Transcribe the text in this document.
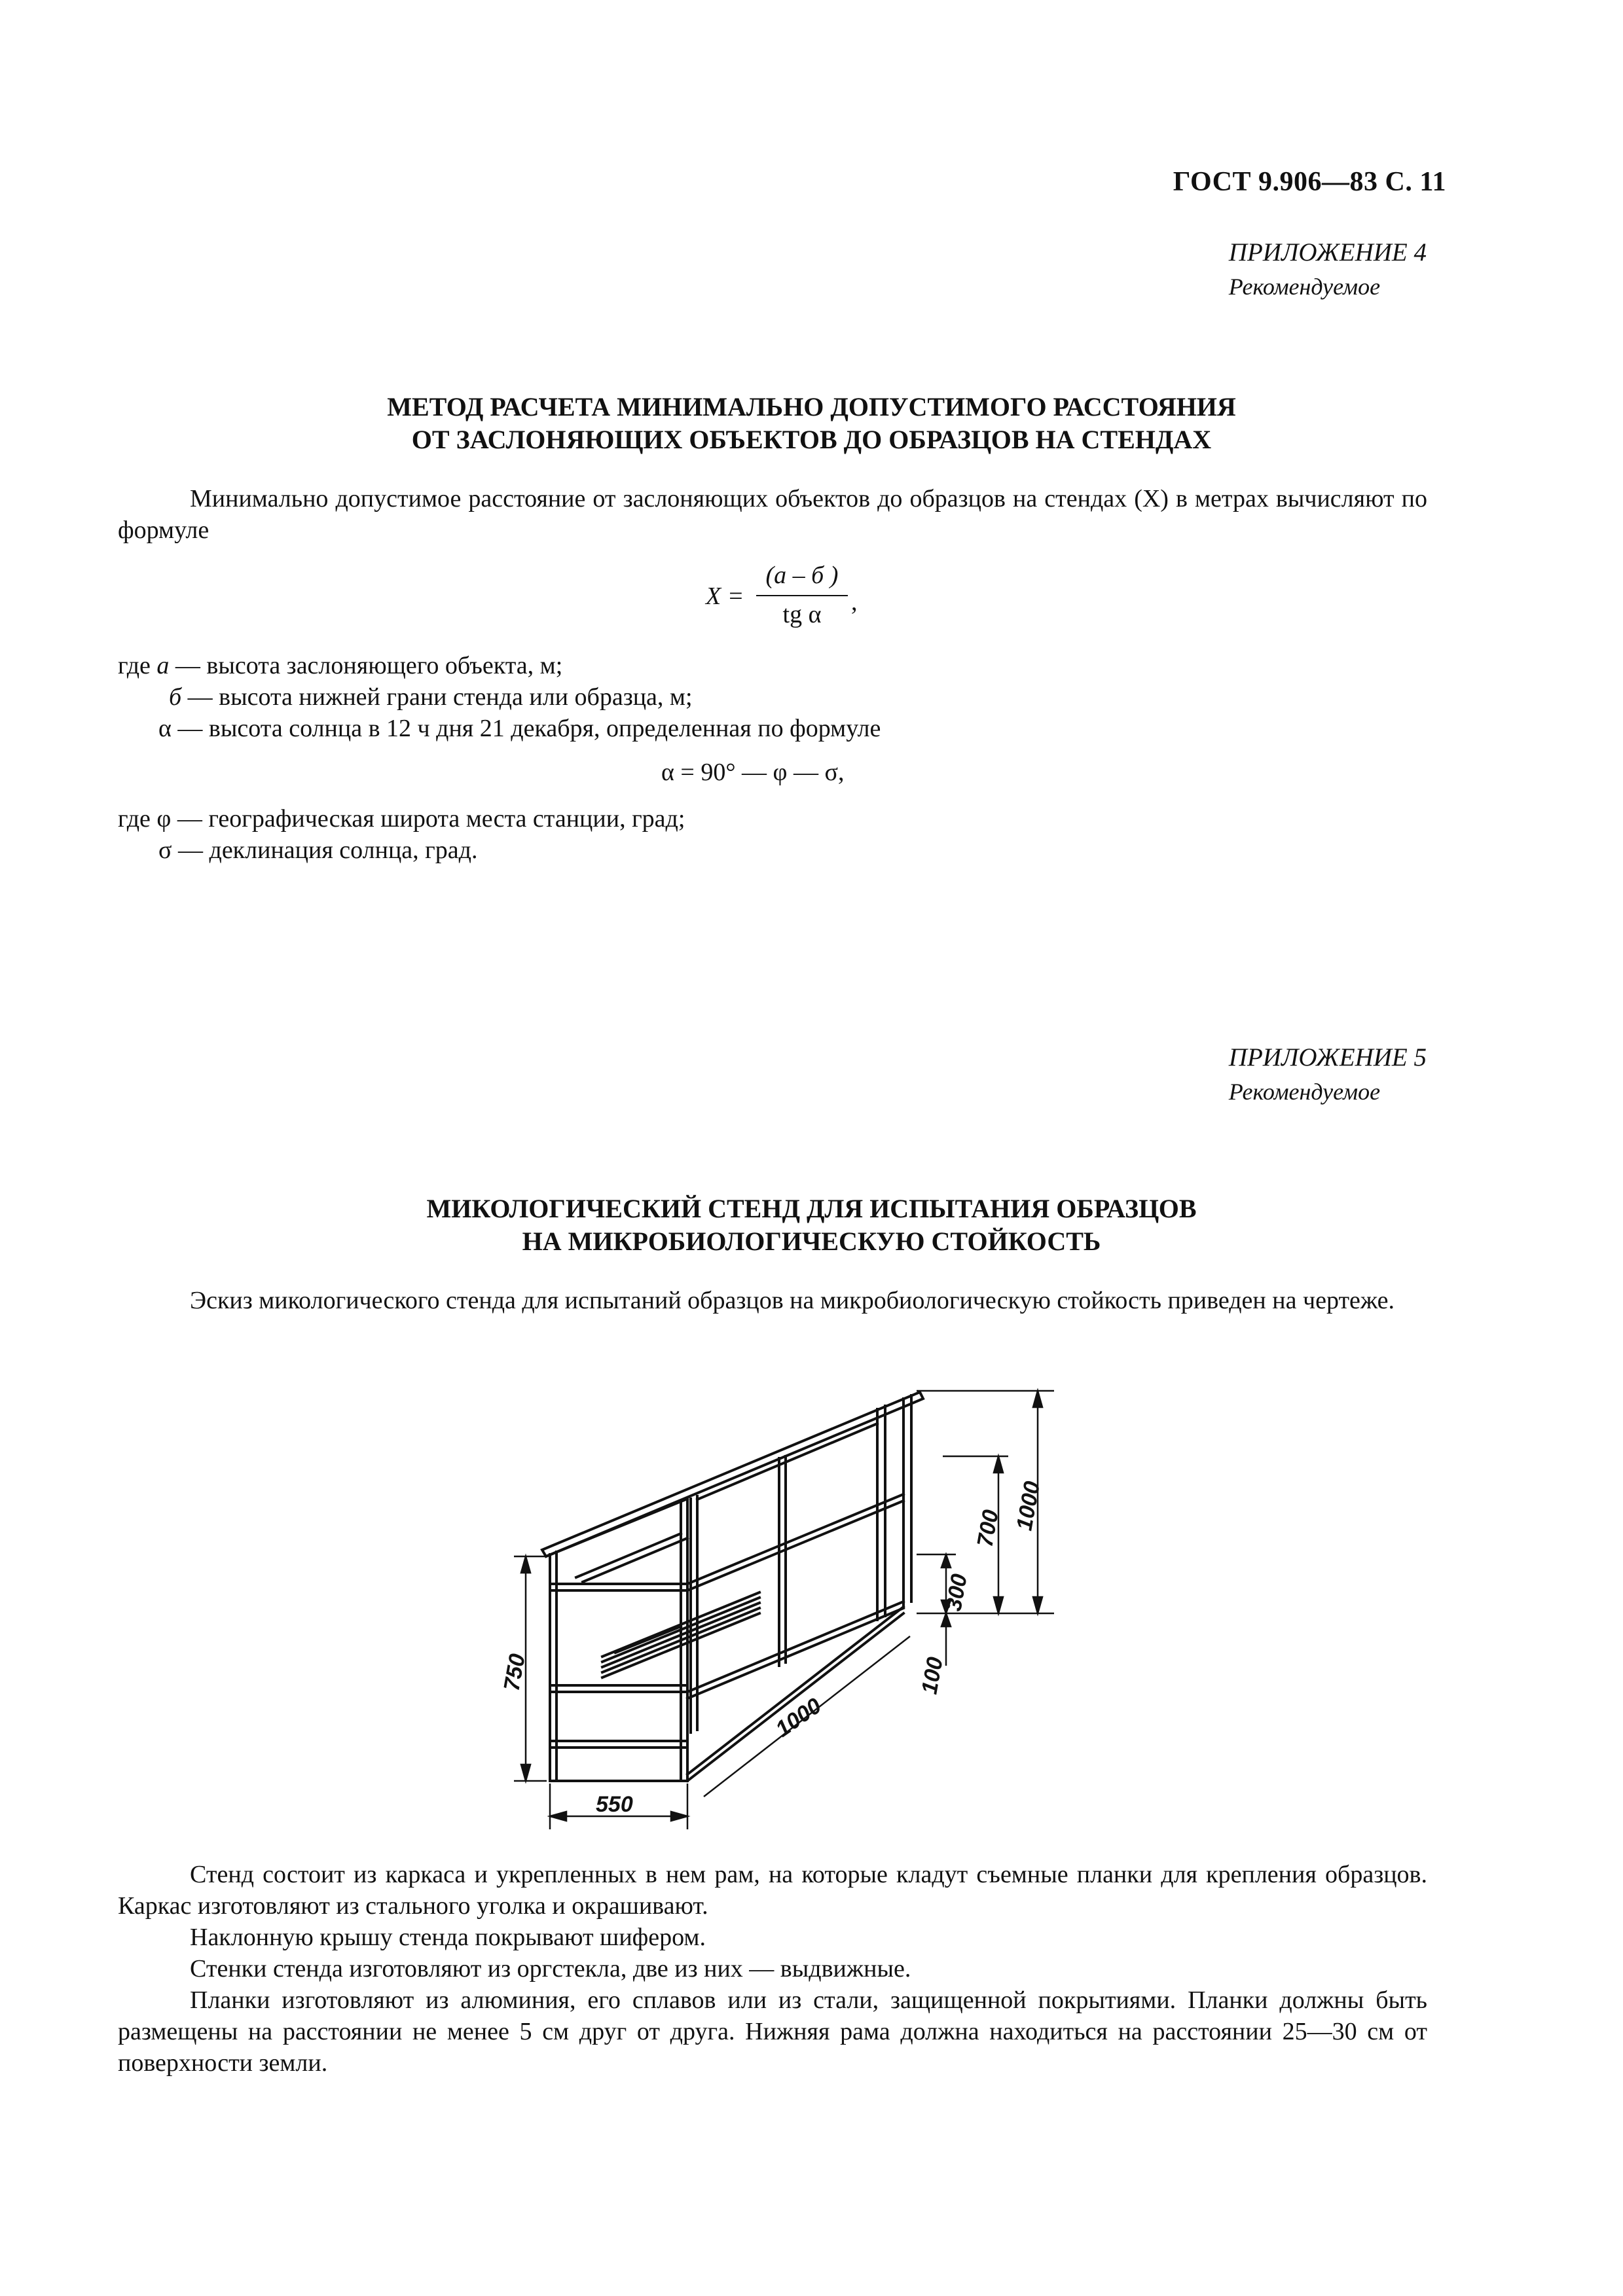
ГОСТ 9.906—83 С. 11
ПРИЛОЖЕНИЕ 4
Рекомендуемое
МЕТОД РАСЧЕТА МИНИМАЛЬНО ДОПУСТИМОГО РАССТОЯНИЯ
ОТ ЗАСЛОНЯЮЩИХ ОБЪЕКТОВ ДО ОБРАЗЦОВ НА СТЕНДАХ
Минимально допустимое расстояние от заслоняющих объектов до образцов на стендах (X) в метрах вычисляют по формуле
X =
(а – б )
tg α	,
где а — высота заслоняющего объекта, м;
б — высота нижней грани стенда или образца, м;
α — высота солнца в 12 ч дня 21 декабря, определенная по формуле
α = 90° — φ — σ,
где φ — географическая широта места станции, град;
σ — деклинация солнца, град.
ПРИЛОЖЕНИЕ 5
Рекомендуемое
МИКОЛОГИЧЕСКИЙ СТЕНД ДЛЯ ИСПЫТАНИЯ ОБРАЗЦОВ
НА МИКРОБИОЛОГИЧЕСКУЮ СТОЙКОСТЬ
Эскиз микологического стенда для испытаний образцов на микробиологическую стойкость приведен на чертеже.
750
550
1000
1000
700
300
100
Стенд состоит из каркаса и укрепленных в нем рам, на которые кладут съемные планки для крепления образцов. Каркас изготовляют из стального уголка и окрашивают.
Наклонную крышу стенда покрывают шифером.
Стенки стенда изготовляют из оргстекла, две из них — выдвижные.
Планки изготовляют из алюминия, его сплавов или из стали, защищенной покрытиями. Планки должны быть размещены на расстоянии не менее 5 см друг от друга. Нижняя рама должна находиться на расстоянии 25—30 см от поверхности земли.
